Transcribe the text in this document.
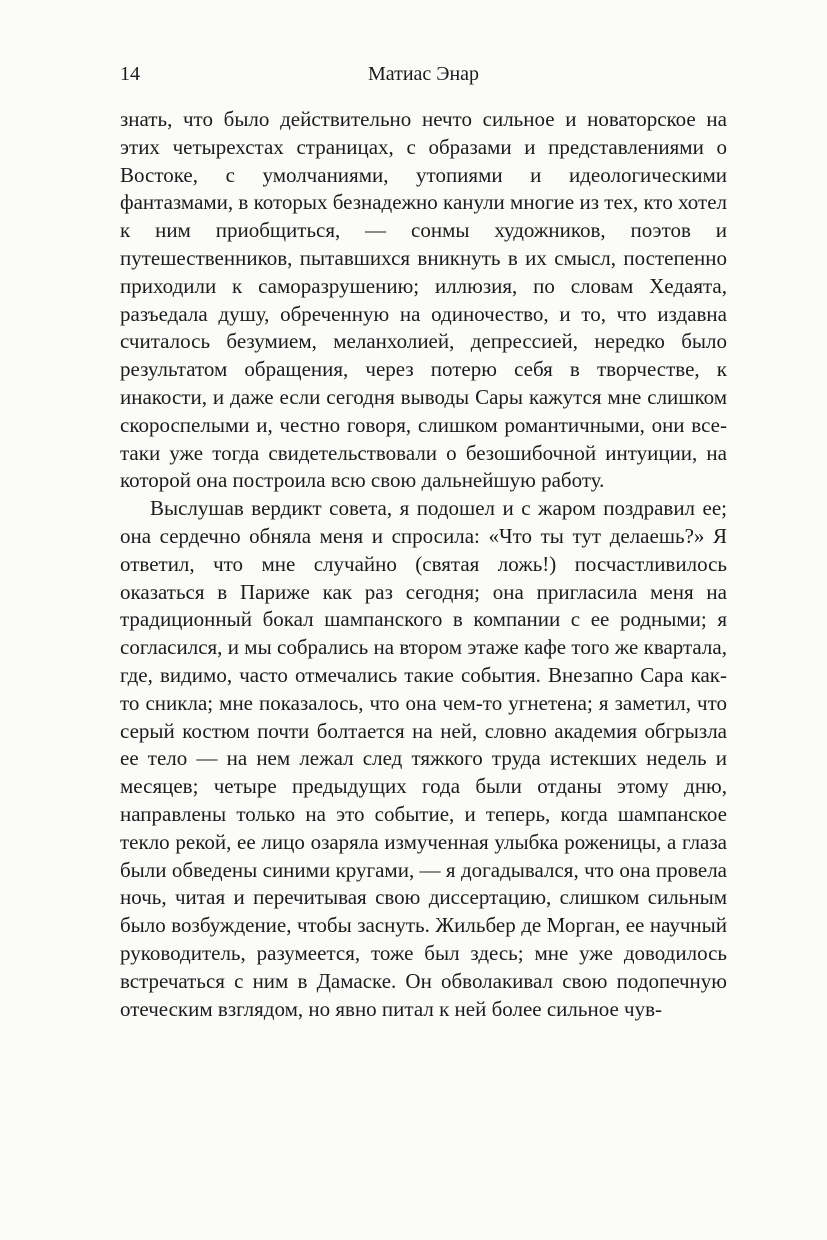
14	Матиас Энар

знать, что было действительно нечто сильное и новаторское на этих четырехстах страницах, с образами и представлениями о Востоке, с умолчаниями, утопиями и идеологическими фантазмами, в которых безнадежно канули многие из тех, кто хотел к ним приобщиться, — сонмы художников, поэтов и путешественников, пытавшихся вникнуть в их смысл, постепенно приходили к саморазрушению; иллюзия, по словам Хедаята, разъедала душу, обреченную на одиночество, и то, что издавна считалось безумием, меланхолией, депрессией, нередко было результатом обращения, через потерю себя в творчестве, к инакости, и даже если сегодня выводы Сары кажутся мне слишком скороспелыми и, честно говоря, слишком романтичными, они все-таки уже тогда свидетельствовали о безошибочной интуиции, на которой она построила всю свою дальнейшую работу.

Выслушав вердикт совета, я подошел и с жаром поздравил ее; она сердечно обняла меня и спросила: «Что ты тут делаешь?» Я ответил, что мне случайно (святая ложь!) посчастливилось оказаться в Париже как раз сегодня; она пригласила меня на традиционный бокал шампанского в компании с ее родными; я согласился, и мы собрались на втором этаже кафе того же квартала, где, видимо, часто отмечались такие события. Внезапно Сара как-то сникла; мне показалось, что она чем-то угнетена; я заметил, что серый костюм почти болтается на ней, словно академия обгрызла ее тело — на нем лежал след тяжкого труда истекших недель и месяцев; четыре предыдущих года были отданы этому дню, направлены только на это событие, и теперь, когда шампанское текло рекой, ее лицо озаряла измученная улыбка роженицы, а глаза были обведены синими кругами, — я догадывался, что она провела ночь, читая и перечитывая свою диссертацию, слишком сильным было возбуждение, чтобы заснуть. Жильбер де Морган, ее научный руководитель, разумеется, тоже был здесь; мне уже доводилось встречаться с ним в Дамаске. Он обволакивал свою подопечную отеческим взглядом, но явно питал к ней более сильное чув-
